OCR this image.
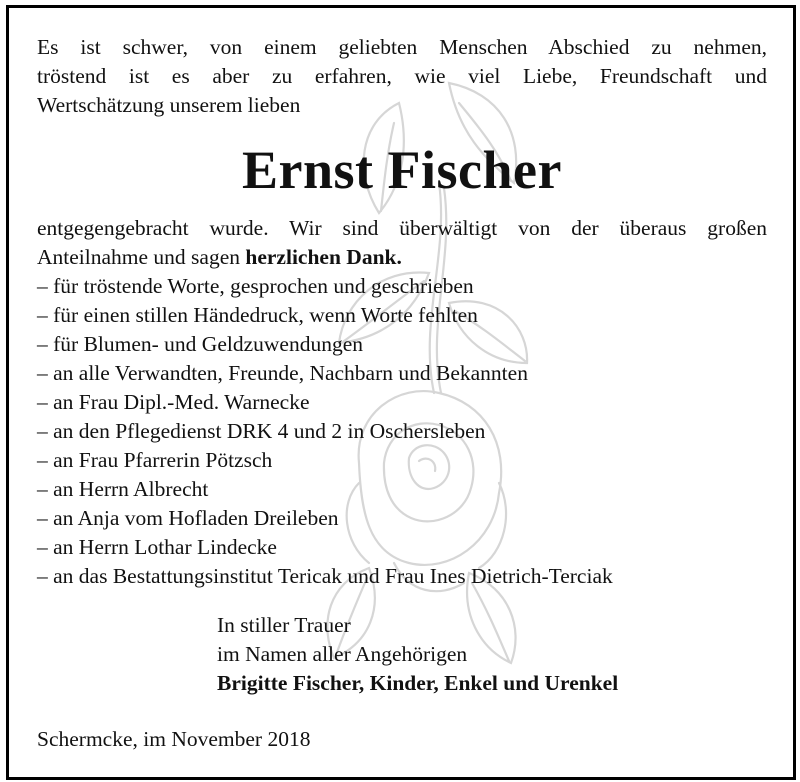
Es ist schwer, von einem geliebten Menschen Abschied zu nehmen,

tröstend ist es aber zu erfahren, wie viel Liebe, Freundschaft und

Wertschätzung unserem lieben

Ernst Fischer
entgegengebracht wurde. Wir sind überwältigt von der überaus großen
Anteilnahme und sagen herzlichen Dank.
– für tröstende Worte, gesprochen und geschrieben
– für einen stillen Händedruck, wenn Worte fehlten
– für Blumen- und Geldzuwendungen
– an alle Verwandten, Freunde, Nachbarn und Bekannten
– an Frau Dipl.-Med. Warnecke
– an den Pflegedienst DRK 4 und 2 in Oschersleben
– an Frau Pfarrerin Pötzsch
– an Herrn Albrecht
– an Anja vom Hofladen Dreileben
– an Herrn Lothar Lindecke
– an das Bestattungsinstitut Tericak und Frau Ines Dietrich-Terciak
In stiller Trauer
im Namen aller Angehörigen
Brigitte Fischer, Kinder, Enkel und Urenkel
Schermcke, im November 2018
